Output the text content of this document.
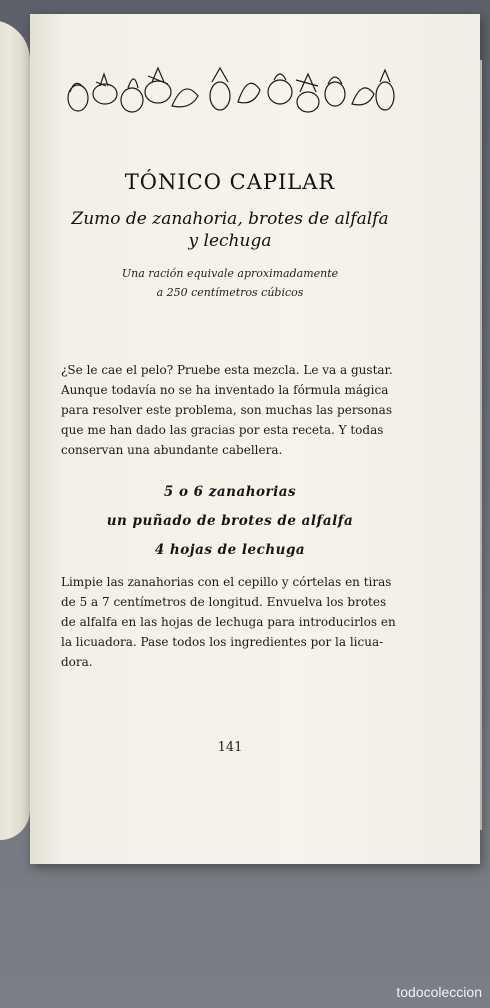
TÓNICO CAPILAR
Zumo de zanahoria, brotes de alfalfa
y lechuga
Una ración equivale aproximadamente
a 250 centímetros cúbicos
¿Se le cae el pelo? Pruebe esta mezcla. Le va a gustar.
Aunque todavía no se ha inventado la fórmula mágica
para resolver este problema, son muchas las personas
que me han dado las gracias por esta receta. Y todas
conservan una abundante cabellera.
5 o 6 zanahorias
un puñado de brotes de alfalfa
4 hojas de lechuga
Limpie las zanahorias con el cepillo y córtelas en tiras
de 5 a 7 centímetros de longitud. Envuelva los brotes
de alfalfa en las hojas de lechuga para introducirlos en
la licuadora. Pase todos los ingredientes por la licua-
dora.
141
todocoleccion
